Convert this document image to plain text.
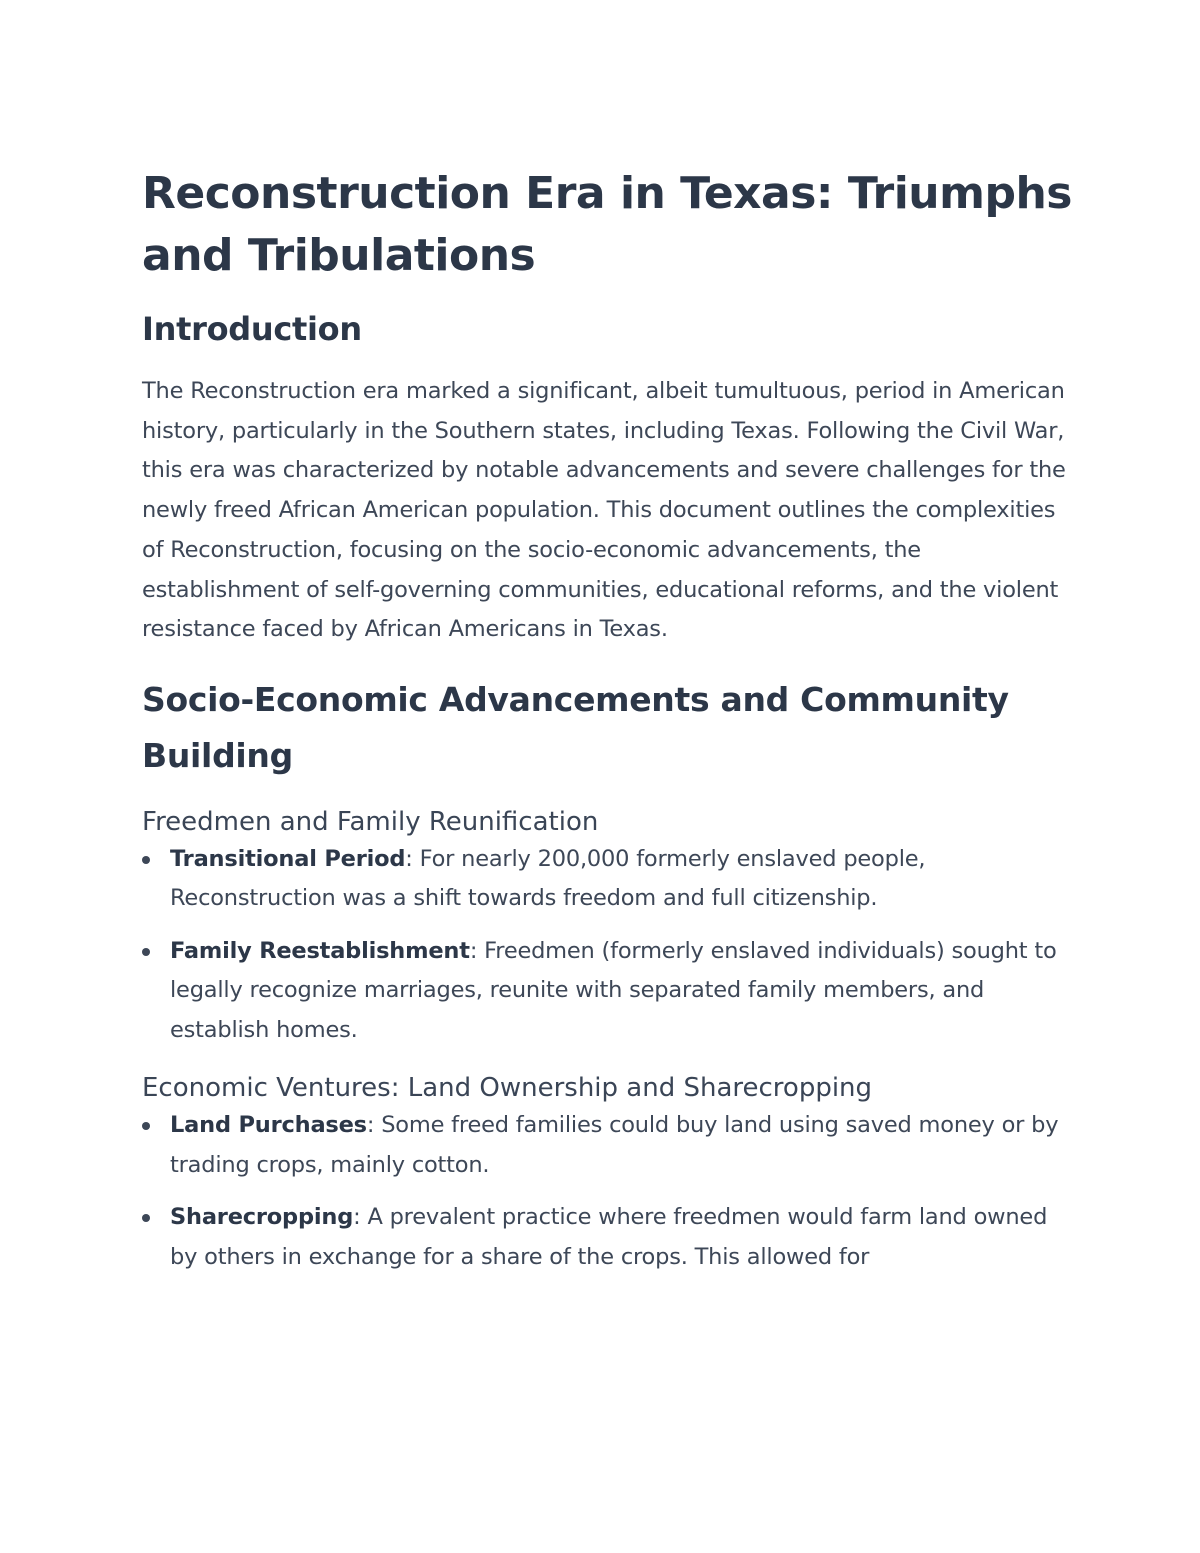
Reconstruction Era in Texas: Triumphs and Tribulations
Introduction

The Reconstruction era marked a significant, albeit tumultuous, period in American history, particularly in the Southern states, including Texas. Following the Civil War, this era was characterized by notable advancements and severe challenges for the newly freed African American population. This document outlines the complexities of Reconstruction, focusing on the socio-economic advancements, the establishment of self-governing communities, educational reforms, and the violent resistance faced by African Americans in Texas.

Socio-Economic Advancements and Community Building
Freedmen and Family Reunification
Transitional Period: For nearly 200,000 formerly enslaved people, Reconstruction was a shift towards freedom and full citizenship.
Family Reestablishment: Freedmen (formerly enslaved individuals) sought to legally recognize marriages, reunite with separated family members, and establish homes.
Economic Ventures: Land Ownership and Sharecropping
Land Purchases: Some freed families could buy land using saved money or by trading crops, mainly cotton.
Sharecropping: A prevalent practice where freedmen would farm land owned by others in exchange for a share of the crops. This allowed for
